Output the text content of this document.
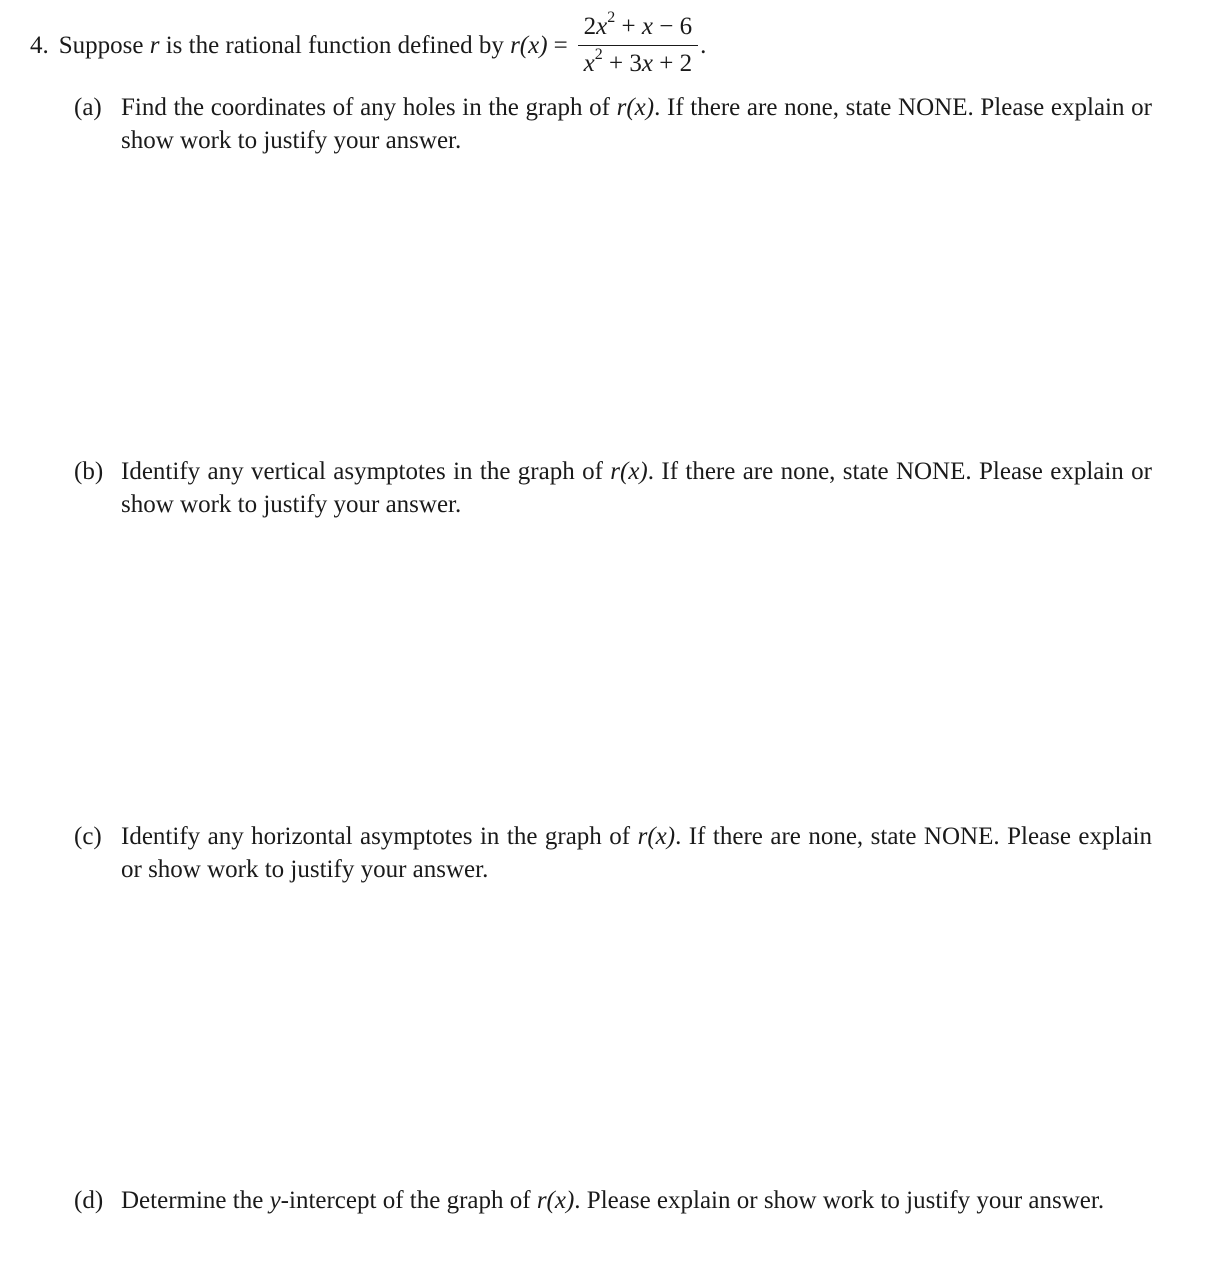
4. Suppose
r
is the rational function defined by
$r(x) = \frac{2x^2 + x - 6}{x^2 + 3x + 2}$ .
(a) Find the coordinates of any holes in the graph of r(x). If there are none, state NONE. Please explain or show work to justify your answer.
(b) Identify any vertical asymptotes in the graph of r(x). If there are none, state NONE. Please explain or show work to justify your answer.
(c) Identify any horizontal asymptotes in the graph of r(x). If there are none, state NONE. Please explain or show work to justify your answer.
(d) Determine the y-intercept of the graph of r(x). Please explain or show work to justify your answer.
